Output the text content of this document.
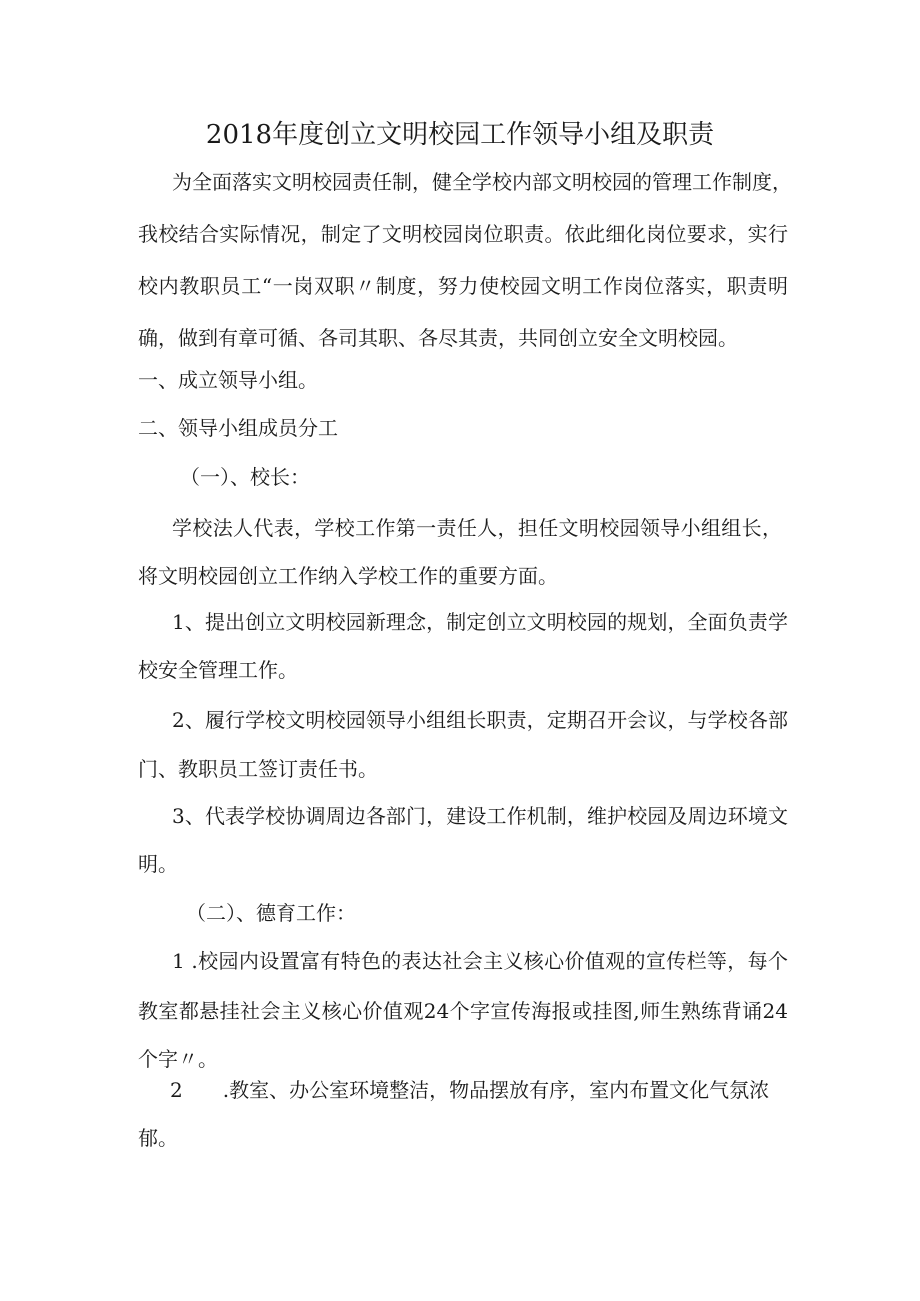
2018年度创立文明校园工作领导小组及职责
为全面落实文明校园责任制，健全学校内部文明校园的管理工作制度，
我校结合实际情况，制定了文明校园岗位职责。依此细化岗位要求，实行
校内教职员工“一岗双职〃制度，努力使校园文明工作岗位落实，职责明
确，做到有章可循、各司其职、各尽其责，共同创立安全文明校园。
一、成立领导小组。
二、领导小组成员分工
（一）、校长：
学校法人代表，学校工作第一责任人，担任文明校园领导小组组长，
将文明校园创立工作纳入学校工作的重要方面。
1、提出创立文明校园新理念，制定创立文明校园的规划，全面负责学
校安全管理工作。
2、履行学校文明校园领导小组组长职责，定期召开会议，与学校各部
门、教职员工签订责任书。
3、代表学校协调周边各部门，建设工作机制，维护校园及周边环境文
明。
（二）、德育工作：
1 .校园内设置富有特色的表达社会主义核心价值观的宣传栏等，每个
教室都悬挂社会主义核心价值观24个字宣传海报或挂图,师生熟练背诵24
个字〃。
2　　.教室、办公室环境整洁，物品摆放有序，室内布置文化气氛浓
郁。
